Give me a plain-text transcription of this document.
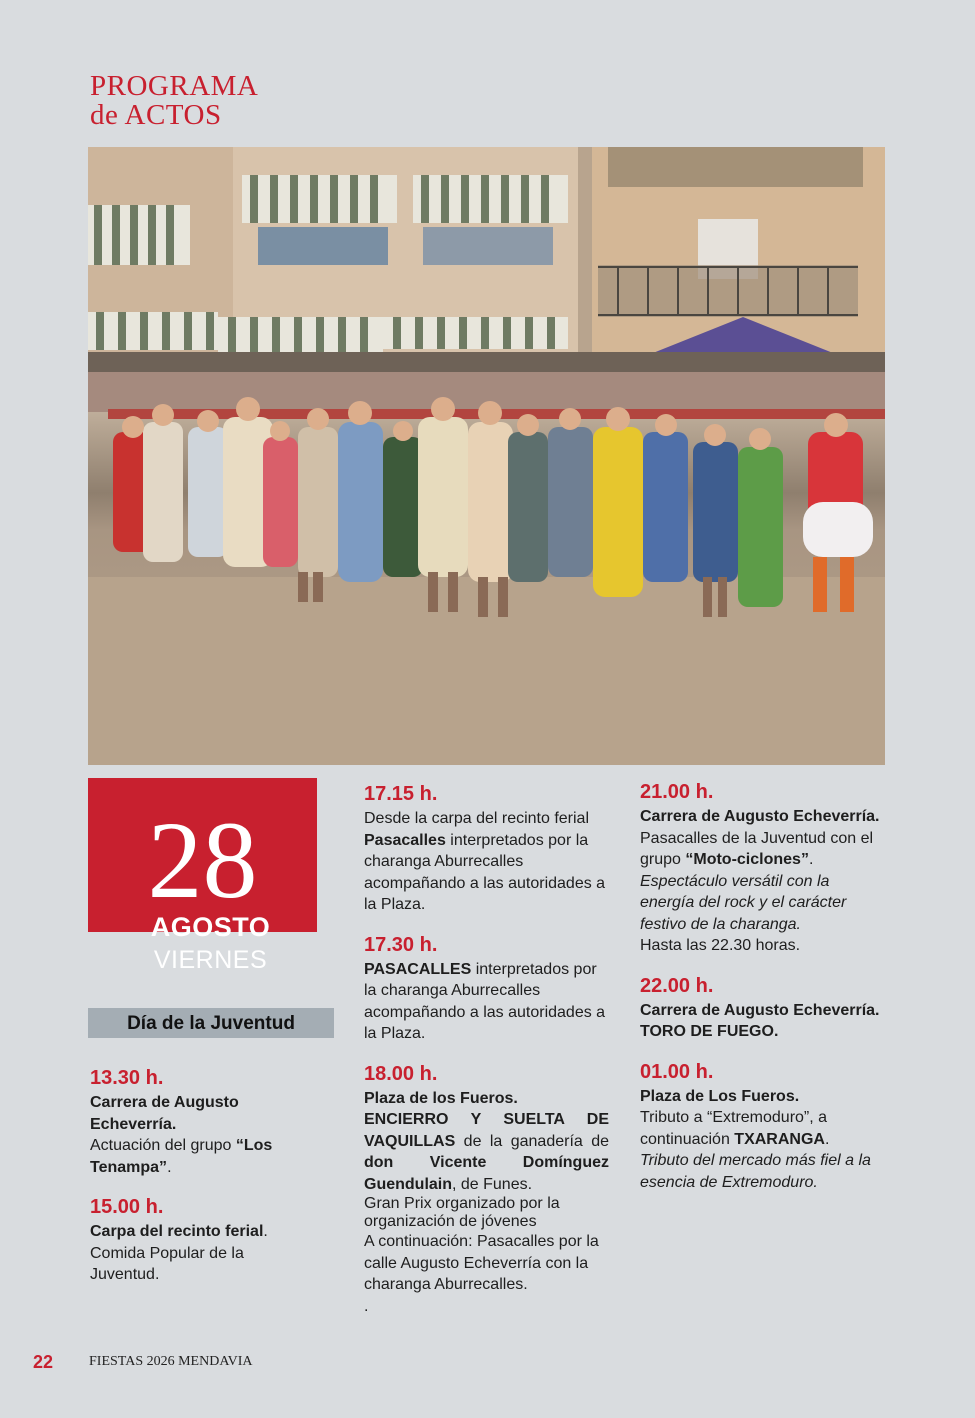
PROGRAMA
de ACTOS
28
AGOSTO
VIERNES
Día de la Juventud
13.30 h.
Carrera de Augusto Echeverría.
Actuación del grupo “Los Tenampa”.
15.00 h.
Carpa del recinto ferial.
Comida Popular de la Juventud.
17.15 h.
Desde la carpa del recinto ferial Pasacalles interpretados por la charanga Aburrecalles acompañando a las autoridades a la Plaza.
17.30 h.
PASACALLES interpretados por la charanga Aburrecalles acompañando a las autoridades a la Plaza.
18.00 h.
Plaza de los Fueros.
ENCIERRO Y SUELTA DE VAQUILLAS de la ganadería de don Vicente Domínguez Guendulain, de Funes.
Gran Prix organizado por la organización de jóvenes
A continuación: Pasacalles por la calle Augusto Echeverría con la charanga Aburrecalles.
.
21.00 h.
Carrera de Augusto Echeverría.
Pasacalles de la Juventud con el grupo “Moto-ciclones”.
Espectáculo versátil con la energía del rock y el carácter festivo de la charanga.
Hasta las 22.30 horas.
22.00 h.
Carrera de Augusto Echeverría.
TORO DE FUEGO.
01.00 h.
Plaza de Los Fueros.
Tributo a “Extremoduro”, a continuación TXARANGA.
Tributo del mercado más fiel a la esencia de Extremoduro.
22	FIESTAS 2026 MENDAVIA
